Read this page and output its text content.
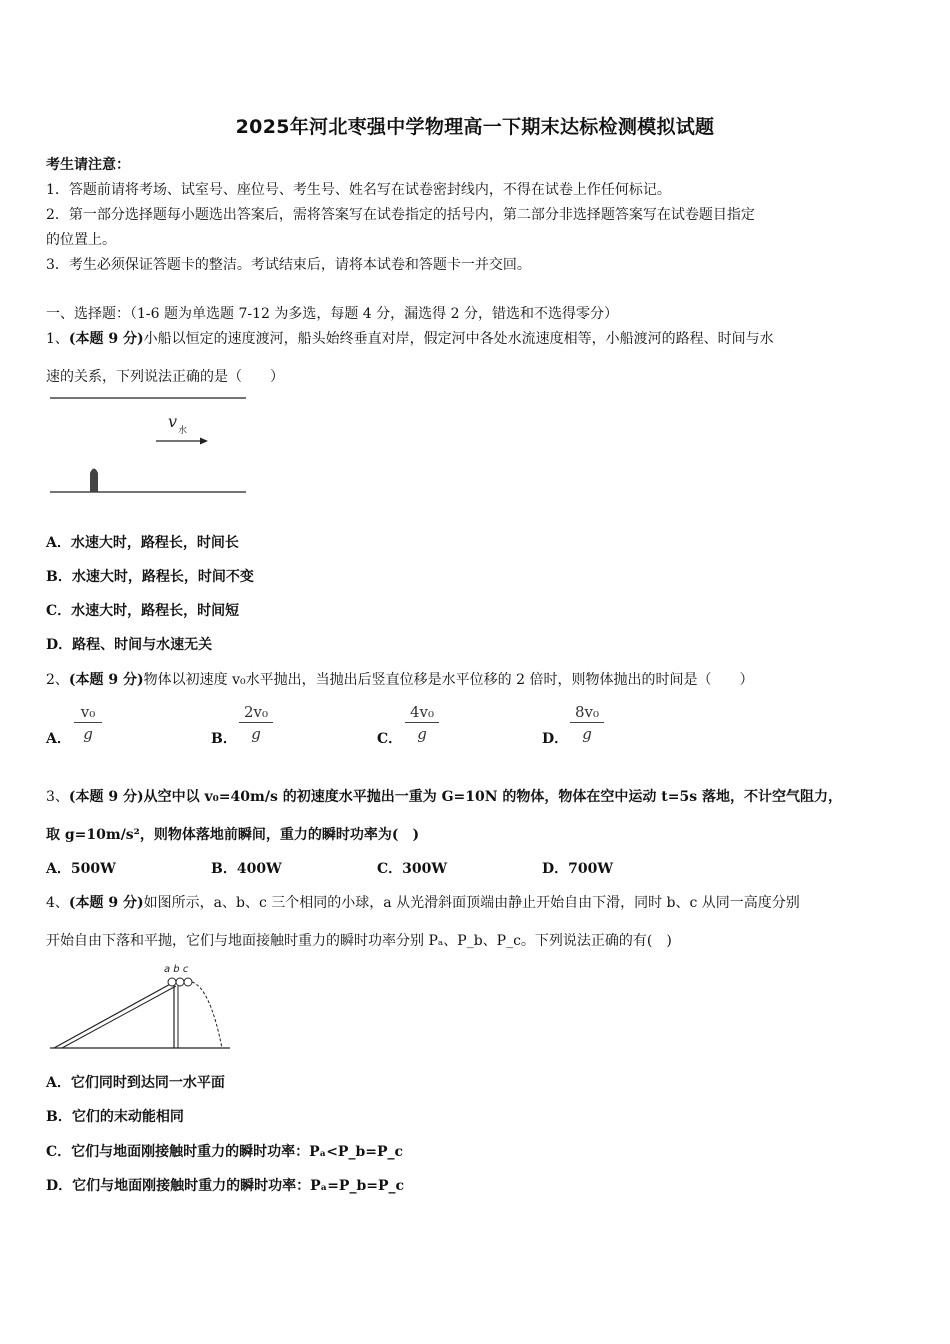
2025年河北枣强中学物理高一下期末达标检测模拟试题
考生请注意：
1．答题前请将考场、试室号、座位号、考生号、姓名写在试卷密封线内，不得在试卷上作任何标记。
2．第一部分选择题每小题选出答案后，需将答案写在试卷指定的括号内，第二部分非选择题答案写在试卷题目指定
的位置上。
3．考生必须保证答题卡的整洁。考试结束后，请将本试卷和答题卡一并交回。
一、选择题：（1-6 题为单选题 7-12 为多选，每题 4 分，漏选得 2 分，错选和不选得零分）
1、(本题 9 分)小船以恒定的速度渡河，船头始终垂直对岸，假定河中各处水流速度相等，小船渡河的路程、时间与水
速的关系，下列说法正确的是（　　）
v 水
A．水速大时，路程长，时间长
B．水速大时，路程长，时间不变
C．水速大时，路程长，时间短
D．路程、时间与水速无关
2、(本题 9 分)物体以初速度 v₀水平抛出，当抛出后竖直位移是水平位移的 2 倍时，则物体抛出的时间是（　　）
A．
v₀
g	B．
2v₀
g	C．
4v₀
g	D．
8v₀
g
3、(本题 9 分)从空中以 v₀=40m/s 的初速度水平抛出一重为 G=10N 的物体，物体在空中运动 t=5s 落地，不计空气阻力，
取 g=10m/s²，则物体落地前瞬间，重力的瞬时功率为(　)
A．500W	B．400W	C．300W	D．700W
4、(本题 9 分)如图所示，a、b、c 三个相同的小球，a 从光滑斜面顶端由静止开始自由下滑，同时 b、c 从同一高度分别
开始自由下落和平抛，它们与地面接触时重力的瞬时功率分别 Pₐ、P_b、P_c。下列说法正确的有(　)
a b c
A．它们同时到达同一水平面
B．它们的末动能相同
C．它们与地面刚接触时重力的瞬时功率：Pₐ<P_b=P_c
D．它们与地面刚接触时重力的瞬时功率：Pₐ=P_b=P_c
